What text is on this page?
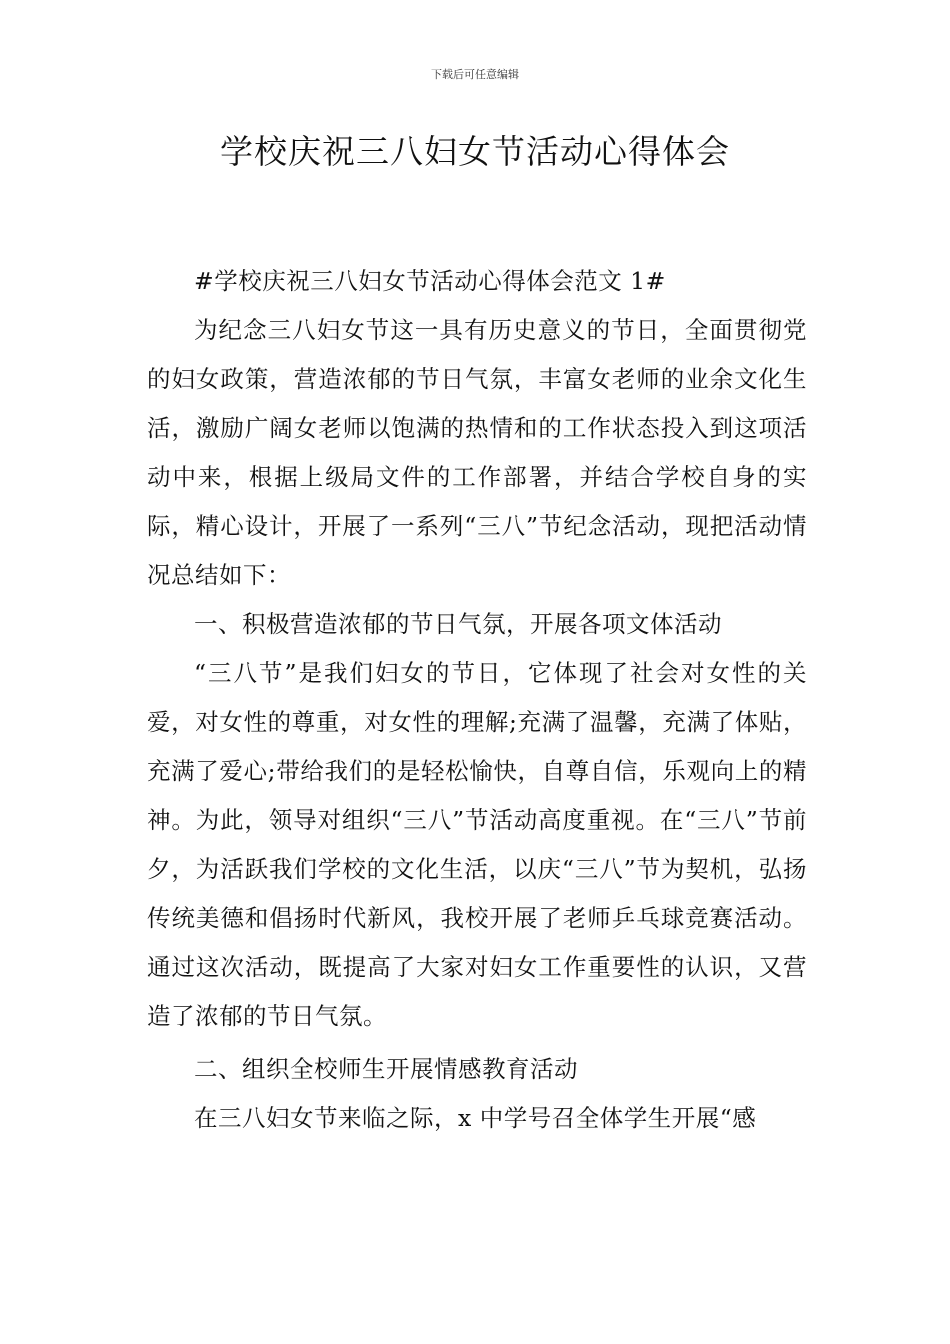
下载后可任意编辑
学校庆祝三八妇女节活动心得体会

#学校庆祝三八妇女节活动心得体会范文 1#

为纪念三八妇女节这一具有历史意义的节日，全面贯彻党的妇女政策，营造浓郁的节日气氛，丰富女老师的业余文化生活，激励广阔女老师以饱满的热情和的工作状态投入到这项活动中来，根据上级局文件的工作部署，并结合学校自身的实际，精心设计，开展了一系列“三八”节纪念活动，现把活动情况总结如下：

一、积极营造浓郁的节日气氛，开展各项文体活动

“三八节”是我们妇女的节日，它体现了社会对女性的关爱，对女性的尊重，对女性的理解;充满了温馨，充满了体贴，充满了爱心;带给我们的是轻松愉快，自尊自信，乐观向上的精神。为此，领导对组织“三八”节活动高度重视。在“三八”节前夕，为活跃我们学校的文化生活，以庆“三八”节为契机，弘扬传统美德和倡扬时代新风，我校开展了老师乒乓球竞赛活动。通过这次活动，既提高了大家对妇女工作重要性的认识，又营造了浓郁的节日气氛。

二、组织全校师生开展情感教育活动

在三八妇女节来临之际，x 中学号召全体学生开展“感
